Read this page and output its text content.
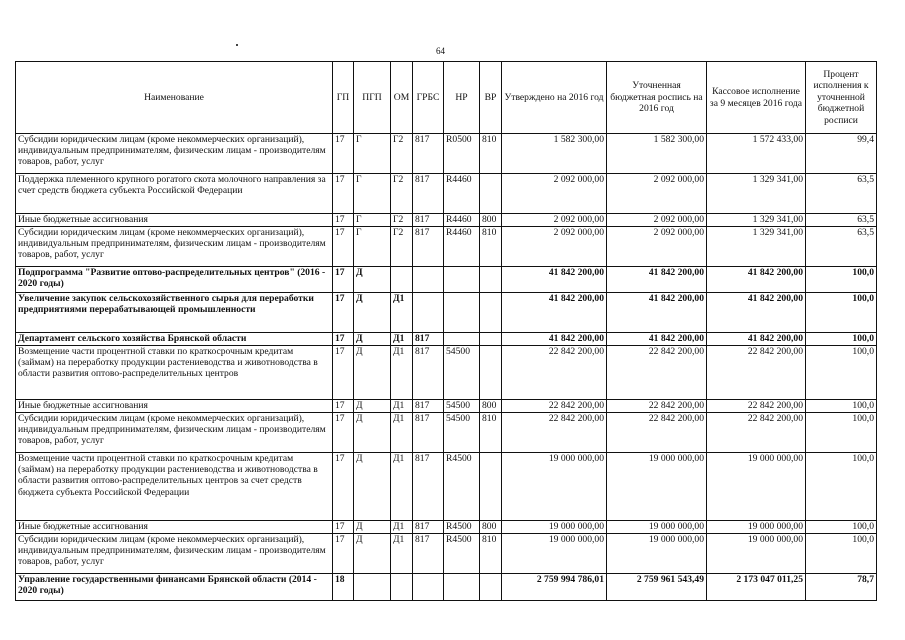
64
Наименование	ГП	ПГП	ОМ	ГРБС	НР	ВР	Утверждено на 2016 год	Уточненная бюджетная роспись на 2016 год	Кассовое исполнение за 9 месяцев 2016 года	Процент исполнения к уточненной бюджетной росписи
Субсидии юридическим лицам (кроме некоммерческих организаций), индивидуальным предпринимателям, физическим лицам - производителям товаров, работ, услуг	17	Г	Г2	817	R0500	810	1 582 300,00	1 582 300,00	1 572 433,00	99,4
Поддержка племенного крупного рогатого скота молочного направления за счет средств бюджета субъекта Российской Федерации	17	Г	Г2	817	R4460		2 092 000,00	2 092 000,00	1 329 341,00	63,5
Иные бюджетные ассигнования	17	Г	Г2	817	R4460	800	2 092 000,00	2 092 000,00	1 329 341,00	63,5
Субсидии юридическим лицам (кроме некоммерческих организаций), индивидуальным предпринимателям, физическим лицам - производителям товаров, работ, услуг	17	Г	Г2	817	R4460	810	2 092 000,00	2 092 000,00	1 329 341,00	63,5
Подпрограмма "Развитие оптово-распределительных центров" (2016 - 2020 годы)	17	Д					41 842 200,00	41 842 200,00	41 842 200,00	100,0
Увеличение закупок сельскохозяйственного сырья для переработки предприятиями перерабатывающей промышленности	17	Д	Д1				41 842 200,00	41 842 200,00	41 842 200,00	100,0
Департамент сельского хозяйства Брянской области	17	Д	Д1	817			41 842 200,00	41 842 200,00	41 842 200,00	100,0
Возмещение части процентной ставки по краткосрочным кредитам (займам) на переработку продукции растениеводства и животноводства в области развития оптово-распределительных центров	17	Д	Д1	817	54500		22 842 200,00	22 842 200,00	22 842 200,00	100,0
Иные бюджетные ассигнования	17	Д	Д1	817	54500	800	22 842 200,00	22 842 200,00	22 842 200,00	100,0
Субсидии юридическим лицам (кроме некоммерческих организаций), индивидуальным предпринимателям, физическим лицам - производителям товаров, работ, услуг	17	Д	Д1	817	54500	810	22 842 200,00	22 842 200,00	22 842 200,00	100,0
Возмещение части процентной ставки по краткосрочным кредитам (займам) на переработку продукции растениеводства и животноводства в области развития оптово-распределительных центров за счет средств бюджета субъекта Российской Федерации	17	Д	Д1	817	R4500		19 000 000,00	19 000 000,00	19 000 000,00	100,0
Иные бюджетные ассигнования	17	Д	Д1	817	R4500	800	19 000 000,00	19 000 000,00	19 000 000,00	100,0
Субсидии юридическим лицам (кроме некоммерческих организаций), индивидуальным предпринимателям, физическим лицам - производителям товаров, работ, услуг	17	Д	Д1	817	R4500	810	19 000 000,00	19 000 000,00	19 000 000,00	100,0
Управление государственными финансами Брянской области (2014 - 2020 годы)	18						2 759 994 786,01	2 759 961 543,49	2 173 047 011,25	78,7
